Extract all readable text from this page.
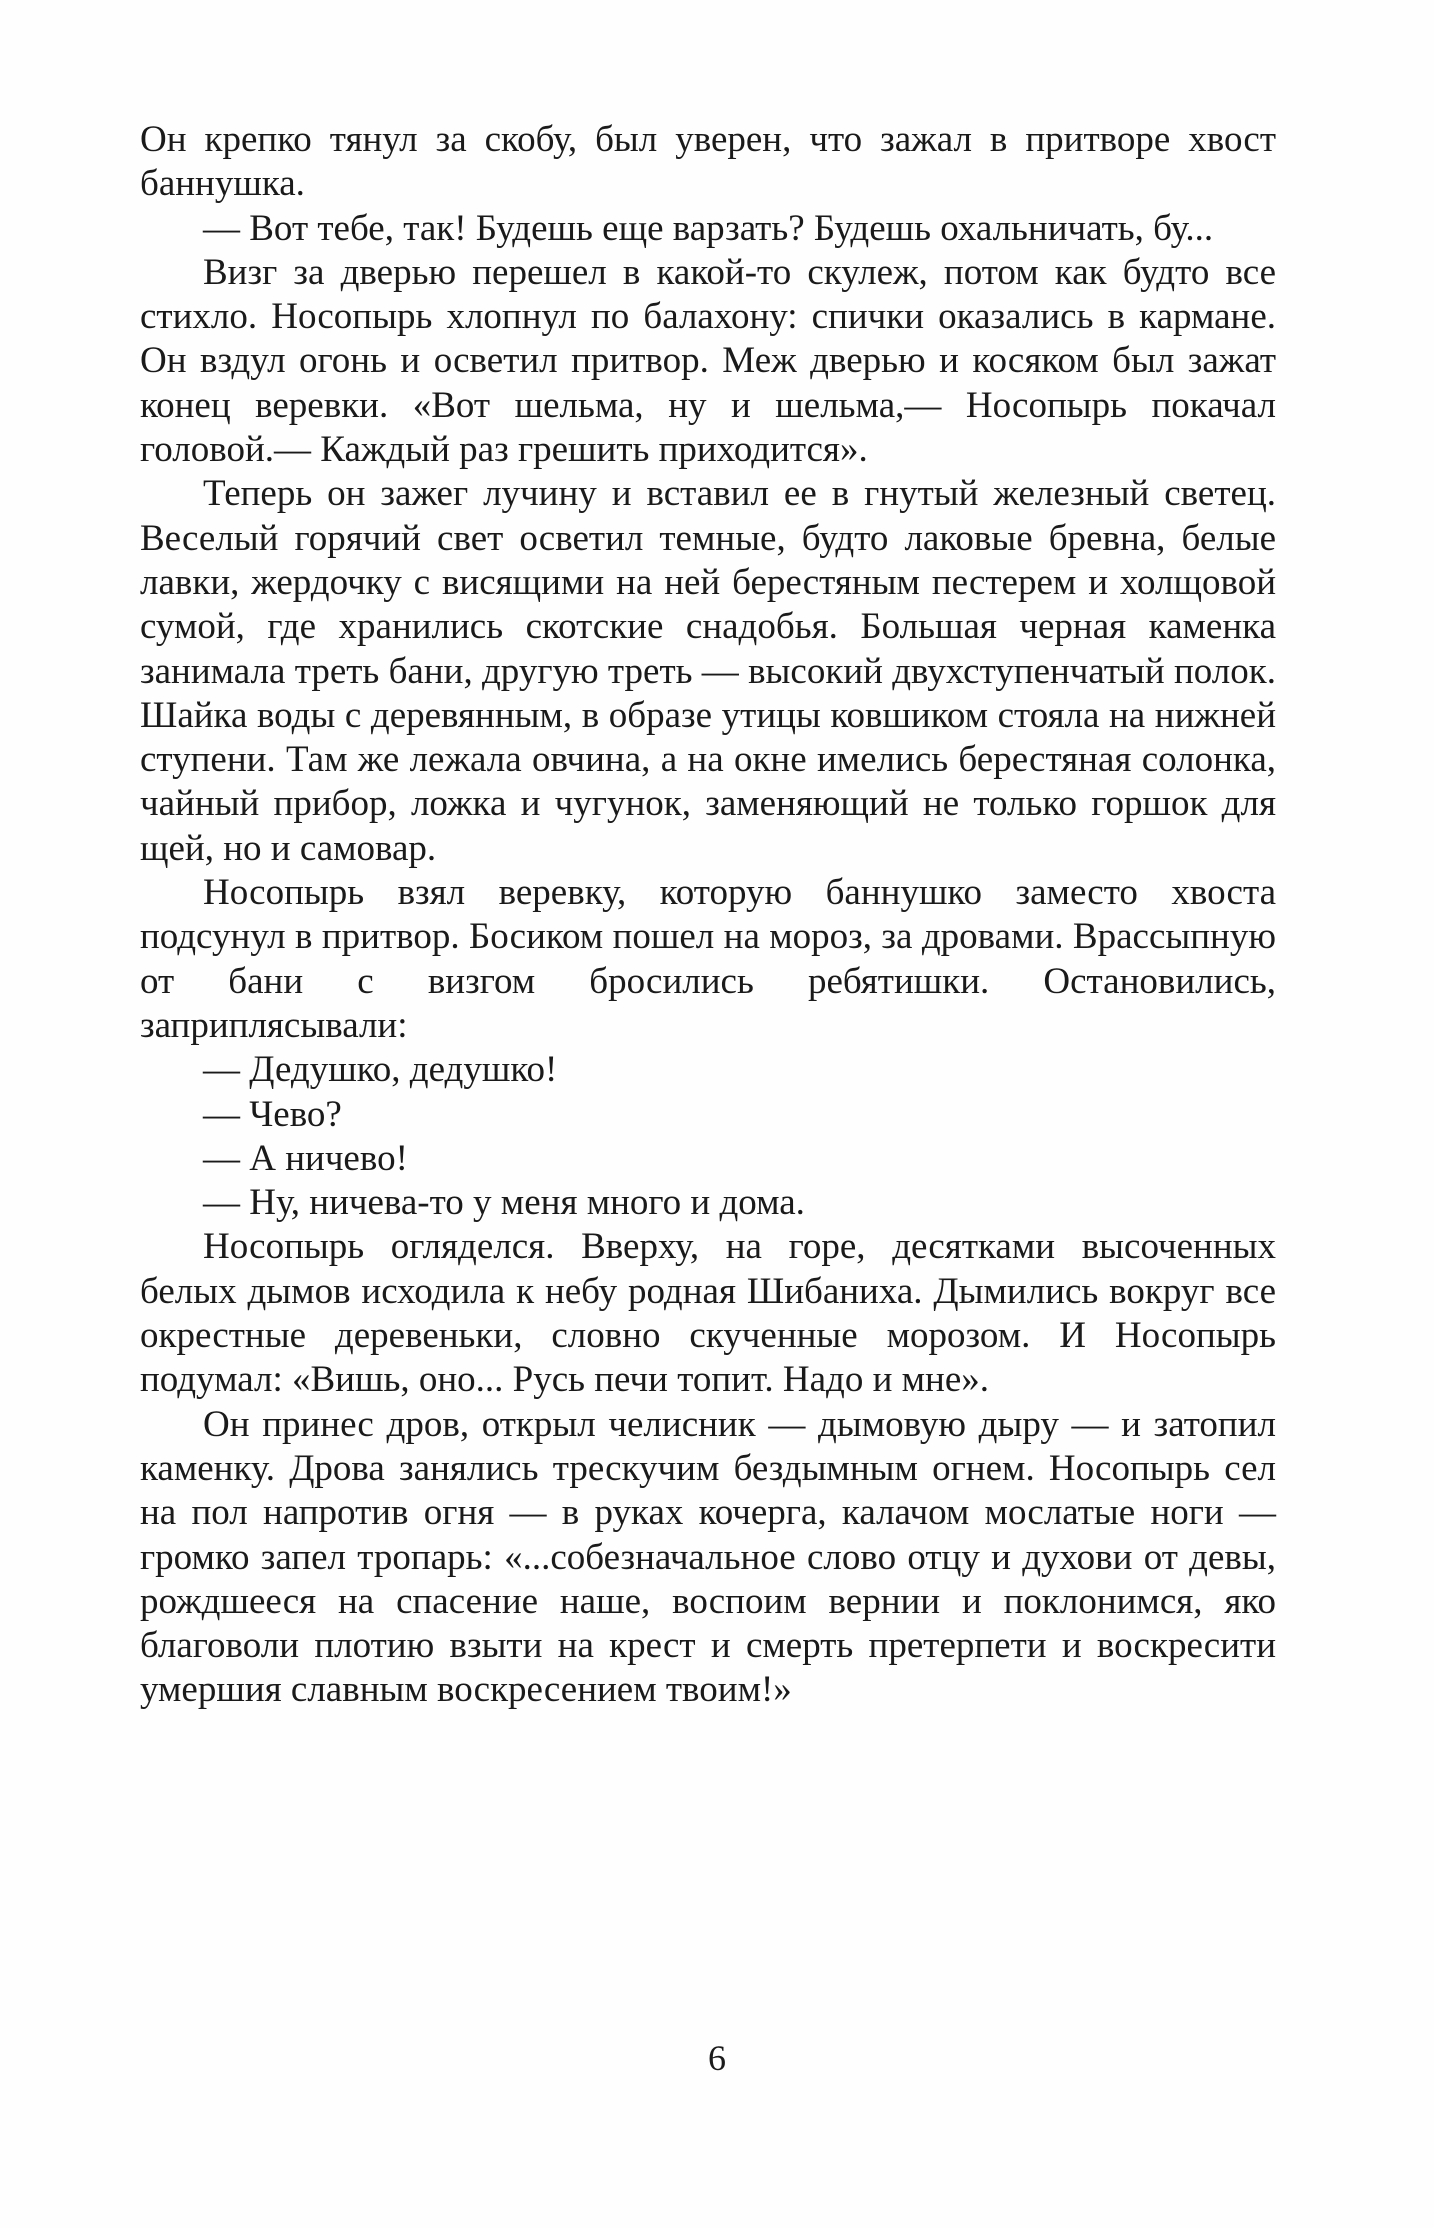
Он крепко тянул за скобу, был уверен, что зажал в притворе хвост баннушка.

— Вот тебе, так! Будешь еще варзать? Будешь охальничать, бу...

Визг за дверью перешел в какой-то скулеж, потом как будто все стихло. Носопырь хлопнул по балахону: спички оказались в кармане. Он вздул огонь и осветил притвор. Меж дверью и косяком был зажат конец веревки. «Вот шельма, ну и шельма,— Носопырь покачал головой.— Каждый раз грешить приходится».

Теперь он зажег лучину и вставил ее в гнутый железный светец. Веселый горячий свет осветил темные, будто лаковые бревна, белые лавки, жердочку с висящими на ней берестяным пестерем и холщовой сумой, где хранились скотские снадобья. Большая черная каменка занимала треть бани, другую треть — высокий двухступенчатый полок. Шайка воды с деревянным, в образе утицы ковшиком стояла на нижней ступени. Там же лежала овчина, а на окне имелись берестяная солонка, чайный прибор, ложка и чугунок, заменяющий не только горшок для щей, но и самовар.

Носопырь взял веревку, которую баннушко заместо хвоста подсунул в притвор. Босиком пошел на мороз, за дровами. Врассыпную от бани с визгом бросились ребятишки. Остановились, заприплясывали:

— Дедушко, дедушко!

— Чево?

— А ничево!

— Ну, ничева-то у меня много и дома.

Носопырь огляделся. Вверху, на горе, десятками высоченных белых дымов исходила к небу родная Шибаниха. Дымились вокруг все окрестные деревеньки, словно скученные морозом. И Носопырь подумал: «Вишь, оно... Русь печи топит. Надо и мне».

Он принес дров, открыл челисник — дымовую дыру — и затопил каменку. Дрова занялись трескучим бездымным огнем. Носопырь сел на пол напротив огня — в руках кочерга, калачом мослатые ноги — громко запел тропарь: «...собезначальное слово отцу и духови от девы, рождшееся на спасение наше, воспоим вернии и поклонимся, яко благоволи плотию взыти на крест и смерть претерпети и воскресити умершия славным воскресением твоим!»

6
